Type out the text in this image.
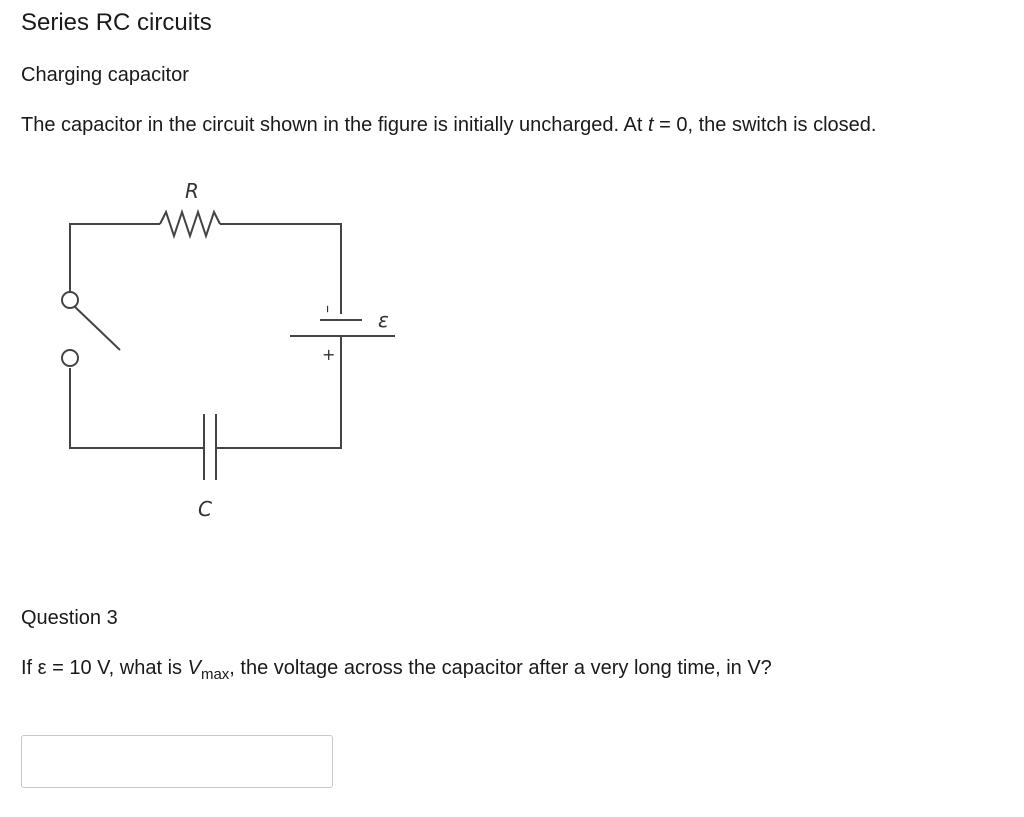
Series RC circuits
Charging capacitor

The capacitor in the circuit shown in the figure is initially uncharged. At t = 0, the switch is closed.

R
C
ε
–
+

Question 3

If ε = 10 V, what is $V_{max}$, the voltage across the capacitor after a very long time, in V?
